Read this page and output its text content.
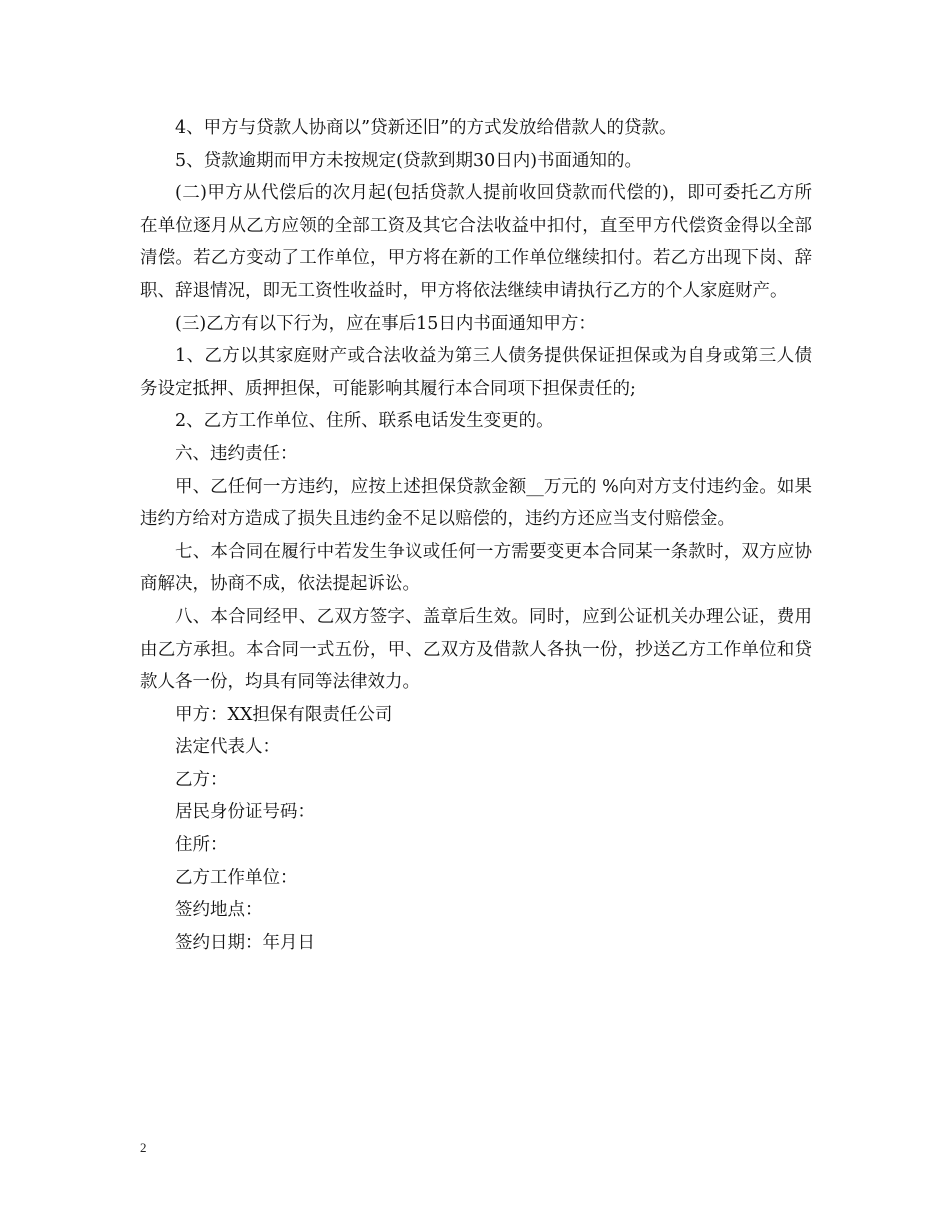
4、甲方与贷款人协商以”贷新还旧”的方式发放给借款人的贷款。

5、贷款逾期而甲方未按规定(贷款到期30日内)书面通知的。

(二)甲方从代偿后的次月起(包括贷款人提前收回贷款而代偿的)，即可委托乙方所在单位逐月从乙方应领的全部工资及其它合法收益中扣付，直至甲方代偿资金得以全部清偿。若乙方变动了工作单位，甲方将在新的工作单位继续扣付。若乙方出现下岗、辞职、辞退情况，即无工资性收益时，甲方将依法继续申请执行乙方的个人家庭财产。

(三)乙方有以下行为，应在事后15日内书面通知甲方：

1、乙方以其家庭财产或合法收益为第三人债务提供保证担保或为自身或第三人债务设定抵押、质押担保，可能影响其履行本合同项下担保责任的;

2、乙方工作单位、住所、联系电话发生变更的。

六、违约责任：

甲、乙任何一方违约，应按上述担保贷款金额__万元的 %向对方支付违约金。如果违约方给对方造成了损失且违约金不足以赔偿的，违约方还应当支付赔偿金。

七、本合同在履行中若发生争议或任何一方需要变更本合同某一条款时，双方应协商解决，协商不成，依法提起诉讼。

八、本合同经甲、乙双方签字、盖章后生效。同时，应到公证机关办理公证，费用由乙方承担。本合同一式五份，甲、乙双方及借款人各执一份，抄送乙方工作单位和贷款人各一份，均具有同等法律效力。

甲方：XX担保有限责任公司

法定代表人：

乙方：

居民身份证号码：

住所：

乙方工作单位：

签约地点：

签约日期：年月日

2
